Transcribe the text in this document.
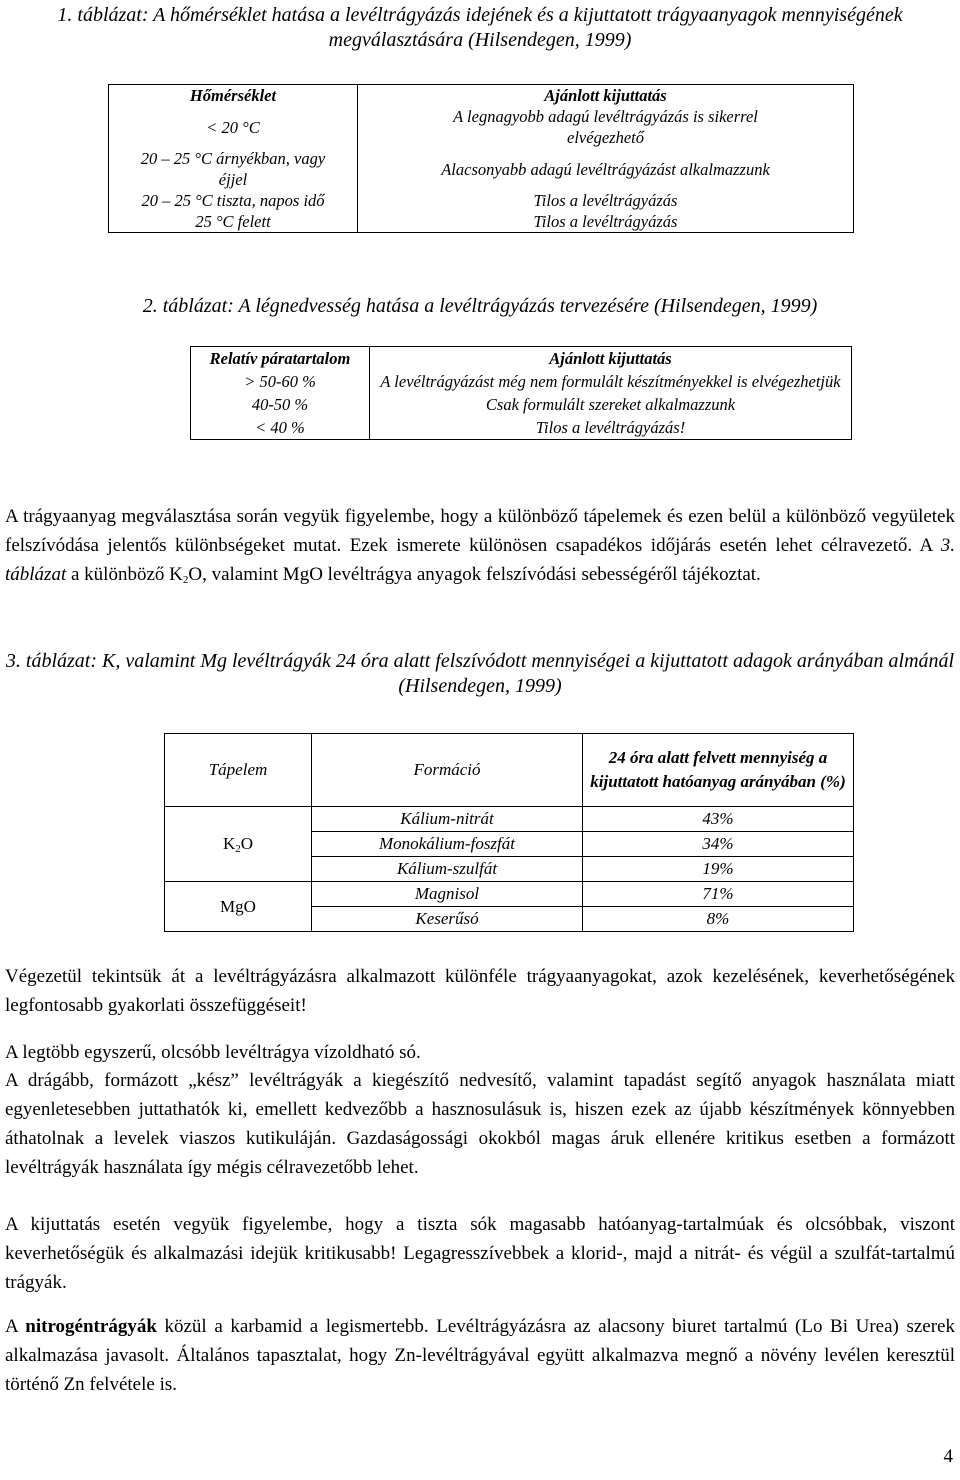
1. táblázat: A hőmérséklet hatása a levéltrágyázás idejének és a kijuttatott trágyaanyagok mennyiségének megválasztására (Hilsendegen, 1999)

Hőmérséklet	Ajánlott kijuttatás
< 20 °C	A legnagyobb adagú levéltrágyázás is sikerrel elvégezhető
20 – 25 °C árnyékban, vagy éjjel	Alacsonyabb adagú levéltrágyázást alkalmazzunk
20 – 25 °C tiszta, napos idő	Tilos a levéltrágyázás
25 °C felett	Tilos a levéltrágyázás

2. táblázat: A légnedvesség hatása a levéltrágyázás tervezésére (Hilsendegen, 1999)

Relatív páratartalom	Ajánlott kijuttatás
> 50-60 %	A levéltrágyázást még nem formulált készítményekkel is elvégezhetjük
40-50 %	Csak formulált szereket alkalmazzunk
< 40 %	Tilos a levéltrágyázás!

A trágyaanyag megválasztása során vegyük figyelembe, hogy a különböző tápelemek és ezen belül a különböző vegyületek felszívódása jelentős különbségeket mutat. Ezek ismerete különösen csapadékos időjárás esetén lehet célravezető. A 3. táblázat a különböző $K_2O$, valamint MgO levéltrágya anyagok felszívódási sebességéről tájékoztat.

3. táblázat: K, valamint Mg levéltrágyák 24 óra alatt felszívódott mennyiségei a kijuttatott adagok arányában almánál (Hilsendegen, 1999)

Tápelem	Formáció	24 óra alatt felvett mennyiség a kijuttatott hatóanyag arányában (%)
$K_2O$	Kálium-nitrát	43%
	Monokálium-foszfát	34%
	Kálium-szulfát	19%
MgO	Magnisol	71%
	Keserűsó	8%

Végezetül tekintsük át a levéltrágyázásra alkalmazott különféle trágyaanyagokat, azok kezelésének, keverhetőségének legfontosabb gyakorlati összefüggéseit!

A legtöbb egyszerű, olcsóbb levéltrágya vízoldható só.

A drágább, formázott „kész” levéltrágyák a kiegészítő nedvesítő, valamint tapadást segítő anyagok használata miatt egyenletesebben juttathatók ki, emellett kedvezőbb a hasznosulásuk is, hiszen ezek az újabb készítmények könnyebben áthatolnak a levelek viaszos kutikuláján. Gazdaságossági okokból magas áruk ellenére kritikus esetben a formázott levéltrágyák használata így mégis célravezetőbb lehet.

A kijuttatás esetén vegyük figyelembe, hogy a tiszta sók magasabb hatóanyag-tartalmúak és olcsóbbak, viszont keverhetőségük és alkalmazási idejük kritikusabb! Legagresszívebbek a klorid-, majd a nitrát- és végül a szulfát-tartalmú trágyák.

A nitrogéntrágyák közül a karbamid a legismertebb. Levéltrágyázásra az alacsony biuret tartalmú (Lo Bi Urea) szerek alkalmazása javasolt. Általános tapasztalat, hogy Zn-levéltrágyával együtt alkalmazva megnő a növény levélen keresztül történő Zn felvétele is.

4
